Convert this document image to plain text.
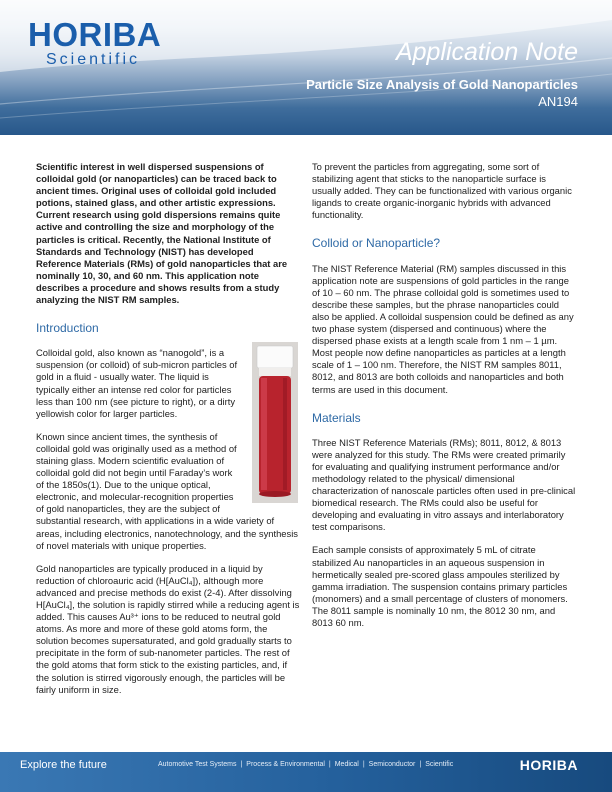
HORIBA
Scientific	Application Note
Particle Size Analysis of Gold Nanoparticles
AN194

Scientific interest in well dispersed suspensions of colloidal gold (or nanoparticles) can be traced back to ancient times. Original uses of colloidal gold included potions, stained glass, and other artistic expressions. Current research using gold dispersions remains quite active and controlling the size and morphology of the particles is critical. Recently, the National Institute of Standards and Technology (NIST) has developed Reference Materials (RMs) of gold nanoparticles that are nominally 10, 30, and 60 nm. This application note describes a procedure and shows results from a study analyzing the NIST RM samples.

Introduction

Colloidal gold, also known as “nanogold”, is a suspension (or colloid) of sub-micron particles of gold in a fluid - usually water. The liquid is typically either an intense red color for particles less than 100 nm (see picture to right), or a dirty yellowish color for larger particles.

Known since ancient times, the synthesis of colloidal gold was originally used as a method of staining glass. Modern scientific evaluation of colloidal gold did not begin until Faraday’s work of the 1850s(1). Due to the unique optical, electronic, and molecular-recognition properties of gold nanoparticles, they are the subject of substantial research, with applications in a wide variety of areas, including electronics, nanotechnology, and the synthesis of novel materials with unique properties.

Gold nanoparticles are typically produced in a liquid by reduction of chloroauric acid (H[AuCl₄]), although more advanced and precise methods do exist (2-4). After dissolving H[AuCl₄], the solution is rapidly stirred while a reducing agent is added. This causes Au³⁺ ions to be reduced to neutral gold atoms. As more and more of these gold atoms form, the solution becomes supersaturated, and gold gradually starts to precipitate in the form of sub-nanometer particles. The rest of the gold atoms that form stick to the existing particles, and, if the solution is stirred vigorously enough, the particles will be fairly uniform in size.

To prevent the particles from aggregating, some sort of stabilizing agent that sticks to the nanoparticle surface is usually added. They can be functionalized with various organic ligands to create organic-inorganic hybrids with advanced functionality.

Colloid or Nanoparticle?

The NIST Reference Material (RM) samples discussed in this application note are suspensions of gold particles in the range of 10 – 60 nm. The phrase colloidal gold is sometimes used to describe these samples, but the phrase nanoparticles could also be applied. A colloidal suspension could be defined as any two phase system (dispersed and continuous) where the dispersed phase exists at a length scale from 1 nm – 1 µm. Most people now define nanoparticles as particles at a length scale of 1 – 100 nm. Therefore, the NIST RM samples 8011, 8012, and 8013 are both colloids and nanoparticles and both terms are used in this document.

Materials

Three NIST Reference Materials (RMs); 8011, 8012, & 8013 were analyzed for this study. The RMs were created primarily for evaluating and qualifying instrument performance and/or methodology related to the physical/ dimensional characterization of nanoscale particles often used in pre-clinical biomedical research. The RMs could also be useful for developing and evaluating in vitro assays and interlaboratory test comparisons.

Each sample consists of approximately 5 mL of citrate stabilized Au nanoparticles in an aqueous suspension in hermetically sealed pre-scored glass ampoules sterilized by gamma irradiation. The suspension contains primary particles (monomers) and a small percentage of clusters of monomers. The 8011 sample is nominally 10 nm, the 8012 30 nm, and 8013 60 nm.

Explore the future	Automotive Test Systems | Process & Environmental | Medical | Semiconductor | Scientific	HORIBA
